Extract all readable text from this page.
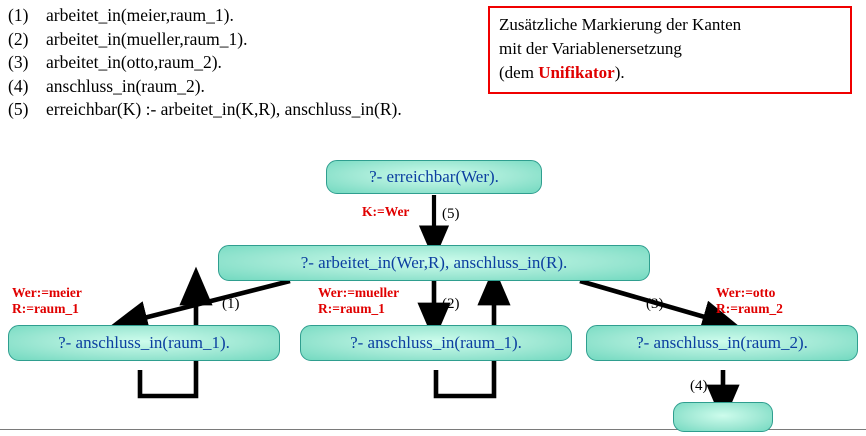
(1)	arbeitet_in(meier,raum_1).
(2)	arbeitet_in(mueller,raum_1).
(3)	arbeitet_in(otto,raum_2).
(4)	anschluss_in(raum_2).
(5)	erreichbar(K) :- arbeitet_in(K,R), anschluss_in(R).
Zusätzliche Markierung der Kanten
mit der Variablenersetzung
(dem Unifikator).
?- erreichbar(Wer).
?- arbeitet_in(Wer,R), anschluss_in(R).
?- anschluss_in(raum_1).	?- anschluss_in(raum_1).	?- anschluss_in(raum_2).
K:=Wer
Wer:=meier
R:=raum_1
Wer:=mueller
R:=raum_1
Wer:=otto
R:=raum_2
(5)
(1)	(2)	(3)
(4)
